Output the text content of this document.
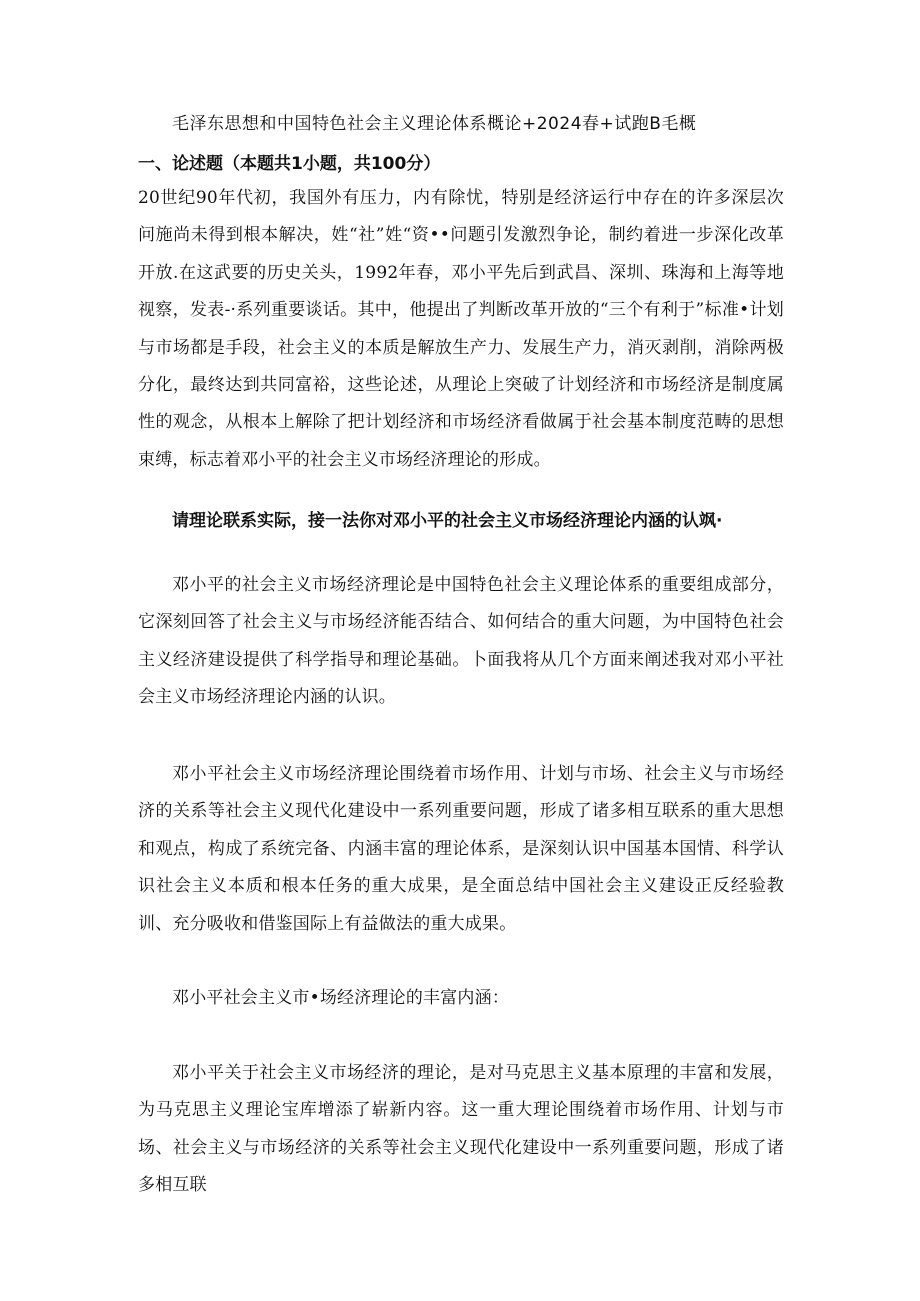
毛泽东思想和中国特色社会主义理论体系概论+2024春+试跑B毛概
一、论述题（本题共1小题，共100分）

20世纪90年代初，我国外有压力，内有除忧，特别是经济运行中存在的许多深层次问施尚未得到根本解决，姓“社”姓“资••问题引发激烈争论，制约着进一步深化改革开放.在这武要的历史关头，1992年春，邓小平先后到武昌、深圳、珠海和上海等地视察，发表-·系列重要谈话。其中，他提出了判断改革开放的“三个有利于”标准•计划与市场都是手段，社会主义的本质是解放生产力、发展生产力，消灭剥削，消除两极分化，最终达到共同富裕，这些论述，从理论上突破了计划经济和市场经济是制度属性的观念，从根本上解除了把计划经济和市场经济看做属于社会基本制度范畴的思想束缚，标志着邓小平的社会主义市场经济理论的形成。

请理论联系实际，接一法你对邓小平的社会主义市场经济理论内涵的认飒·

邓小平的社会主义市场经济理论是中国特色社会主义理论体系的重要组成部分，它深刻回答了社会主义与市场经济能否结合、如何结合的重大问题，为中国特色社会主义经济建设提供了科学指导和理论基础。卜面我将从几个方面来阐述我对邓小平社会主义市场经济理论内涵的认识。

邓小平社会主义市场经济理论围绕着市场作用、计划与市场、社会主义与市场经济的关系等社会主义现代化建设中一系列重要问题，形成了诸多相互联系的重大思想和观点，构成了系统完备、内涵丰富的理论体系，是深刻认识中国基本国情、科学认识社会主义本质和根本任务的重大成果，是全面总结中国社会主义建设正反经验教训、充分吸收和借鉴国际上有益做法的重大成果。

邓小平社会主义市•场经济理论的丰富内涵：

邓小平关于社会主义市场经济的理论，是对马克思主义基本原理的丰富和发展，为马克思主义理论宝库增添了崭新内容。这一重大理论围绕着市场作用、计划与市场、社会主义与市场经济的关系等社会主义现代化建设中一系列重要问题，形成了诸多相互联
